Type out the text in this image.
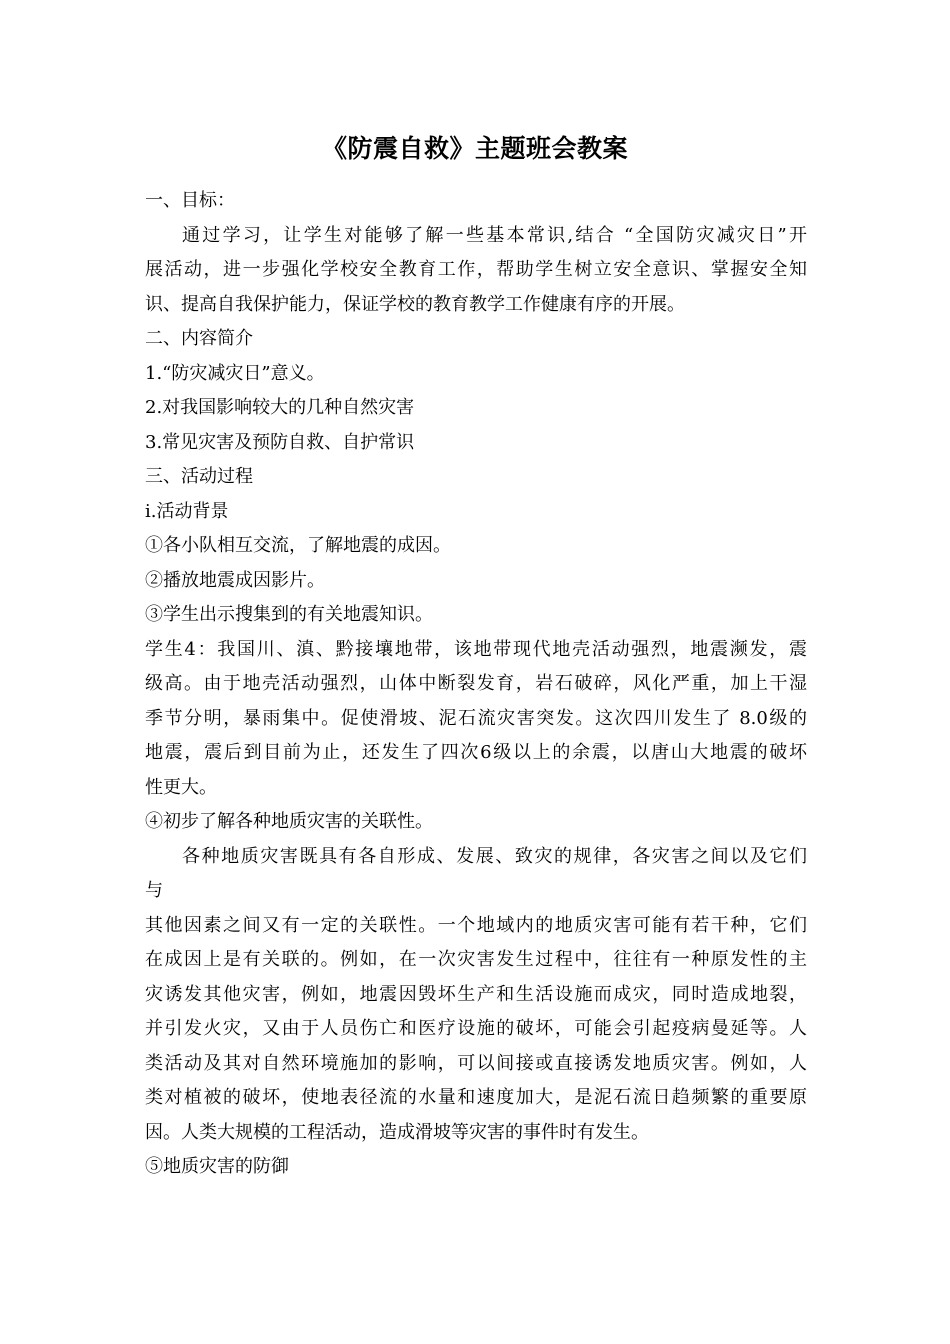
《防震自救》主题班会教案
一、目标：
通过学习，让学生对能够了解一些基本常识,结合 “全国防灾减灾日”开
展活动，进一步强化学校安全教育工作，帮助学生树立安全意识、掌握安全知
识、提高自我保护能力，保证学校的教育教学工作健康有序的开展。
二、内容简介
1.“防灾减灾日”意义。
2.对我国影响较大的几种自然灾害
3.常见灾害及预防自救、自护常识
三、活动过程
ⅰ.活动背景
①各小队相互交流，了解地震的成因。
②播放地震成因影片。
③学生出示搜集到的有关地震知识。
学生4：我国川、滇、黔接壤地带，该地带现代地壳活动强烈，地震濒发，震
级高。由于地壳活动强烈，山体中断裂发育，岩石破碎，风化严重，加上干湿
季节分明，暴雨集中。促使滑坡、泥石流灾害突发。这次四川发生了 8.0级的
地震，震后到目前为止，还发生了四次6级以上的余震，以唐山大地震的破坏
性更大。
④初步了解各种地质灾害的关联性。
各种地质灾害既具有各自形成、发展、致灾的规律，各灾害之间以及它们
与
其他因素之间又有一定的关联性。一个地域内的地质灾害可能有若干种，它们
在成因上是有关联的。例如，在一次灾害发生过程中，往往有一种原发性的主
灾诱发其他灾害，例如，地震因毁坏生产和生活设施而成灾，同时造成地裂，
并引发火灾，又由于人员伤亡和医疗设施的破坏，可能会引起疫病曼延等。人
类活动及其对自然环境施加的影响，可以间接或直接诱发地质灾害。例如，人
类对植被的破坏，使地表径流的水量和速度加大，是泥石流日趋频繁的重要原
因。人类大规模的工程活动，造成滑坡等灾害的事件时有发生。
⑤地质灾害的防御
